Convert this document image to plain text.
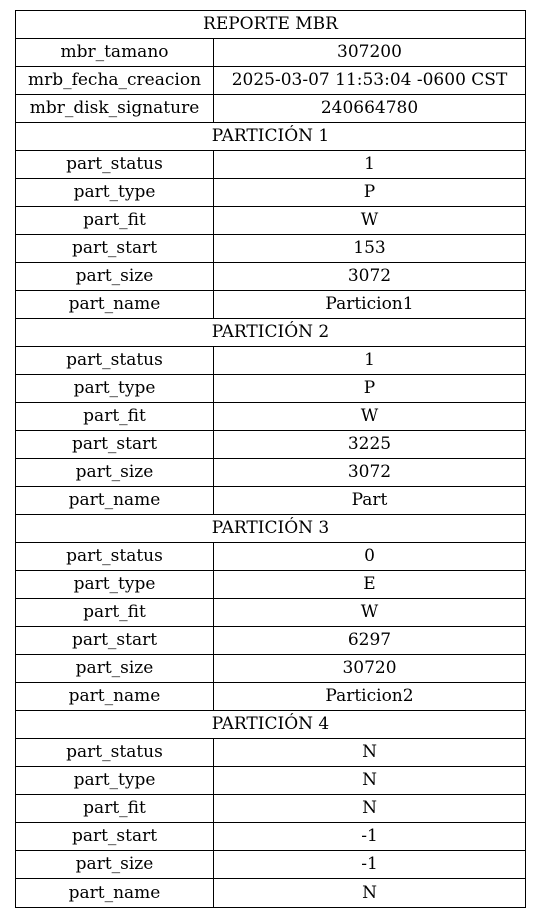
REPORTE MBR
mbr_tamano	307200
mrb_fecha_creacion	2025-03-07 11:53:04 -0600 CST
mbr_disk_signature	240664780
PARTICIÓN 1
part_status	1
part_type	P
part_fit	W
part_start	153
part_size	3072
part_name	Particion1
PARTICIÓN 2
part_status	1
part_type	P
part_fit	W
part_start	3225
part_size	3072
part_name	Part
PARTICIÓN 3
part_status	0
part_type	E
part_fit	W
part_start	6297
part_size	30720
part_name	Particion2
PARTICIÓN 4
part_status	N
part_type	N
part_fit	N
part_start	-1
part_size	-1
part_name	N
